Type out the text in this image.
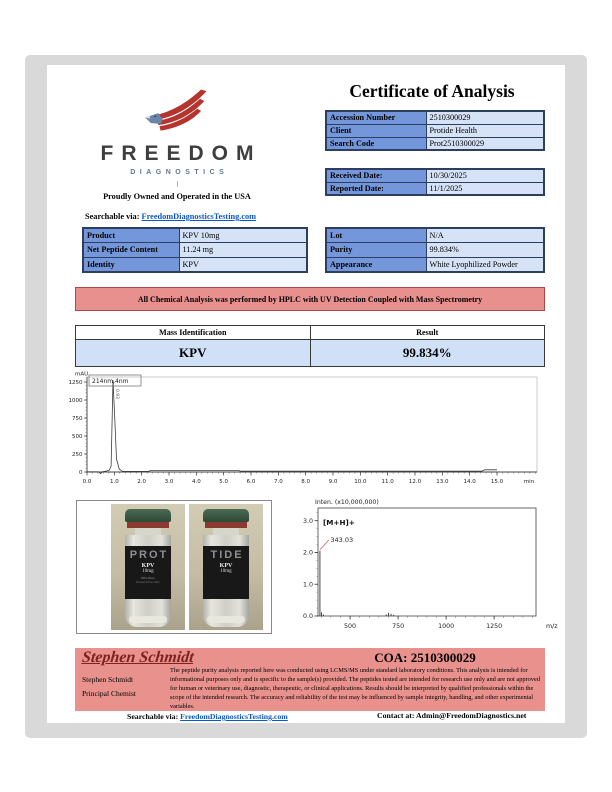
FREEDOM
DIAGNOSTICS
Proudly Owned and Operated in the USA
Searchable via: FreedomDiagnosticsTesting.com
Certificate of Analysis
Accession Number	2510300029
Client	Protide Health
Search Code	Prot2510300029
Received Date:	10/30/2025
Reported Date:	11/1/2025
Product	KPV 10mg
Net Peptide Content	11.24 mg
Identity	KPV
Lot	N/A
Purity	99.834%
Appearance	White Lyophilized Powder
All Chemical Analysis was performed by HPLC with UV Detection Coupled with Mass Spectrometry
Mass Identification	Result
KPV	99.834%
0
250
500
750
1000
1250
0.0	1.0	2.0	3.0	4.0	5.0	6.0	7.0	8.0	9.0	10.0	11.0	12.0	13.0	14.0	15.0	min
mAU
214nm,4nm
0.93
PROT
KPV
10mg
99% Pure
Research Use Only
TIDE
KPV
10mg
Inten. (x10,000,000)
0.0
1.0
2.0
3.0
500	750	1000	1250	m/z
343.03
[M+H]+
Stephen Schmidt
Stephen Schmidt
Principal Chemist
COA: 2510300029
The peptide purity analysis reported here was conducted using LCMS/MS under standard laboratory conditions. This analysis is intended for informational purposes only and is specific to the sample(s) provided. The peptides tested are intended for research use only and are not approved for human or veterinary use, diagnostic, therapeutic, or clinical applications. Results should be interpreted by qualified professionals within the scope of the intended research. The accuracy and reliability of the test may be influenced by sample integrity, handling, and other experimental variables.
Searchable via: FreedomDiagnosticsTesting.com	Contact at: Admin@FreedomDiagnostics.net
